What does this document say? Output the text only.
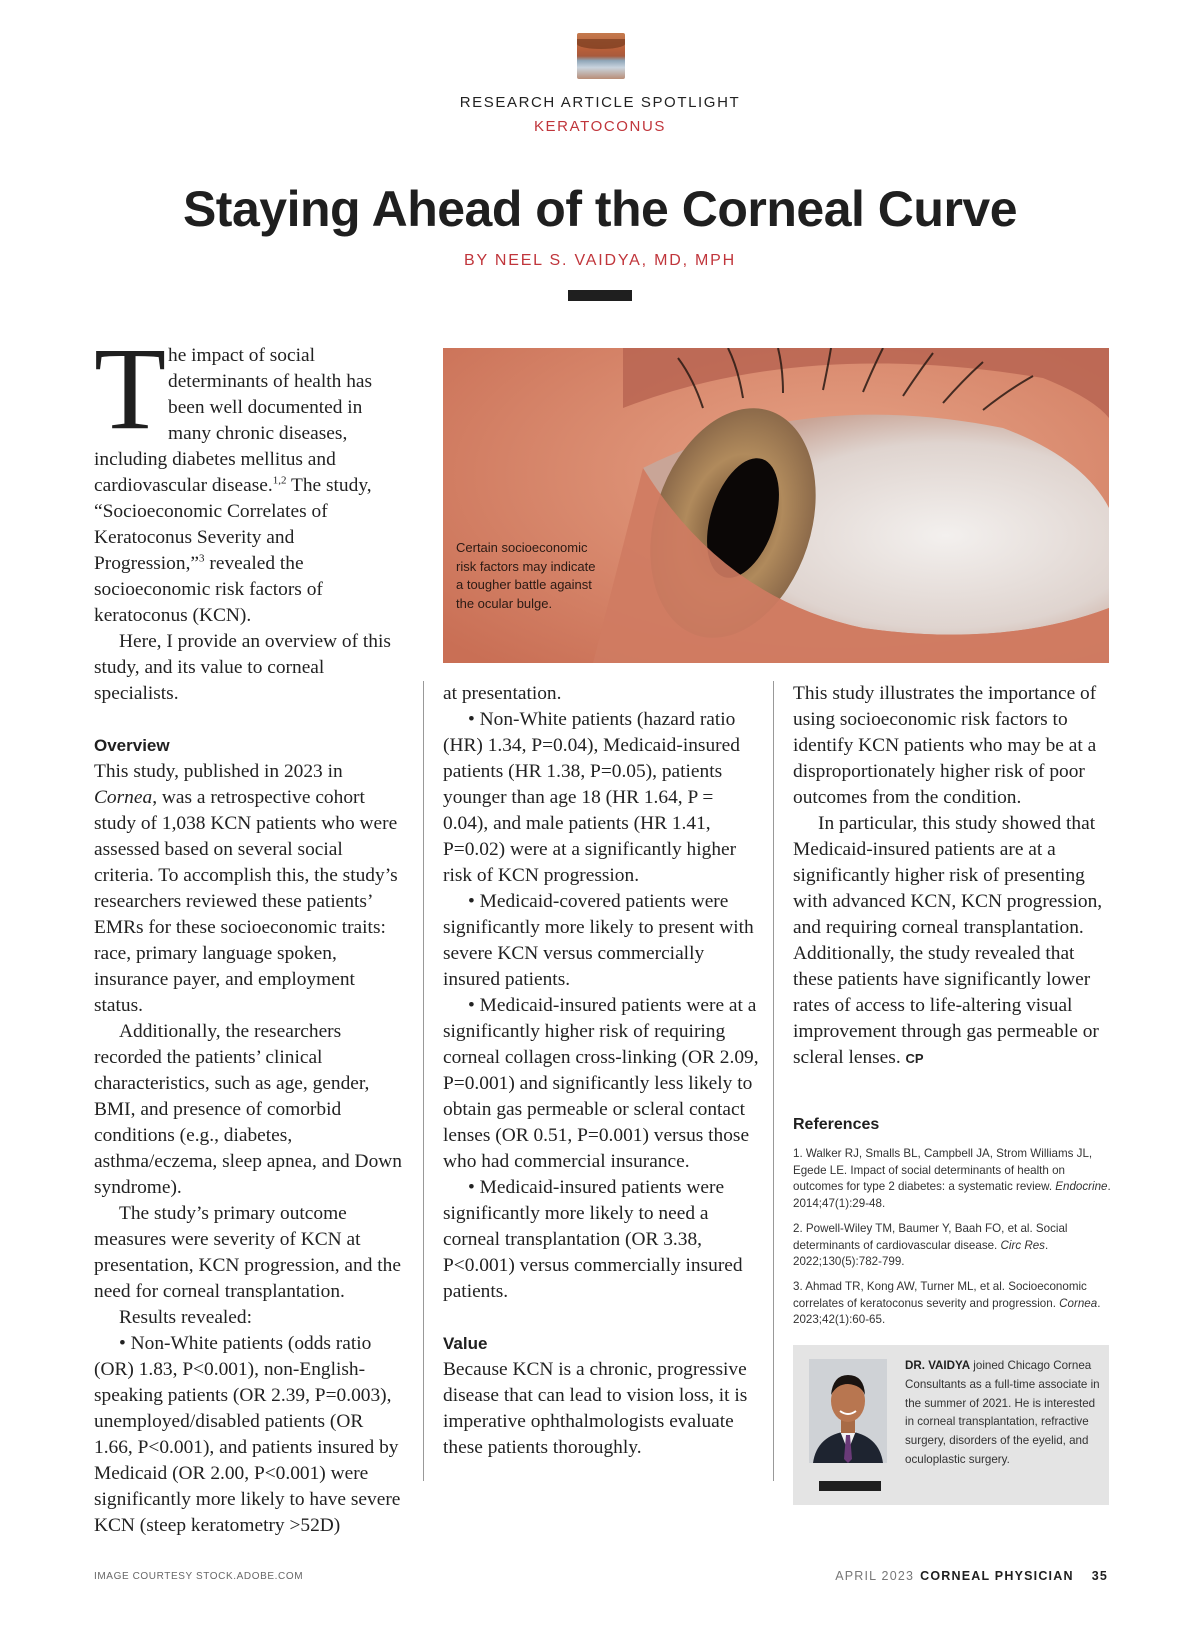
RESEARCH ARTICLE SPOTLIGHT
KERATOCONUS
Staying Ahead of the Corneal Curve
BY NEEL S. VAIDYA, MD, MPH

The impact of social determinants of health has been well documented in many chronic diseases, including diabetes mellitus and cardiovascular disease.$^{1,2}$ The study, “Socioeconomic Correlates of Keratoconus Severity and Progression,”$^3$ revealed the socioeconomic risk factors of keratoconus (KCN).

Here, I provide an overview of this study, and its value to corneal specialists.

Overview

This study, published in 2023 in Cornea, was a retrospective cohort study of 1,038 KCN patients who were assessed based on several social criteria. To accomplish this, the study’s researchers reviewed these patients’ EMRs for these socioeconomic traits: race, primary language spoken, insurance payer, and employment status.

Additionally, the researchers recorded the patients’ clinical characteristics, such as age, gender, BMI, and presence of comorbid conditions (e.g., diabetes, asthma/eczema, sleep apnea, and Down syndrome).

The study’s primary outcome measures were severity of KCN at presentation, KCN progression, and the need for corneal transplantation.

Results revealed:

• Non-White patients (odds ratio (OR) 1.83, P<0.001), non-English-speaking patients (OR 2.39, P=0.003), unemployed/disabled patients (OR 1.66, P<0.001), and patients insured by Medicaid (OR 2.00, P<0.001) were significantly more likely to have severe KCN (steep keratometry >52D)

Certain socioeconomic risk factors may indicate a tougher battle against the ocular bulge.

at presentation.

• Non-White patients (hazard ratio (HR) 1.34, P=0.04), Medicaid-insured patients (HR 1.38, P=0.05), patients younger than age 18 (HR 1.64, P = 0.04), and male patients (HR 1.41, P=0.02) were at a significantly higher risk of KCN progression.

• Medicaid-covered patients were significantly more likely to present with severe KCN versus commercially insured patients.

• Medicaid-insured patients were at a significantly higher risk of requiring corneal collagen cross-linking (OR 2.09, P=0.001) and significantly less likely to obtain gas permeable or scleral contact lenses (OR 0.51, P=0.001) versus those who had commercial insurance.

• Medicaid-insured patients were significantly more likely to need a corneal transplantation (OR 3.38, P<0.001) versus commercially insured patients.

Value

Because KCN is a chronic, progressive disease that can lead to vision loss, it is imperative ophthalmologists evaluate these patients thoroughly.

This study illustrates the importance of using socioeconomic risk factors to identify KCN patients who may be at a disproportionately higher risk of poor outcomes from the condition.

In particular, this study showed that Medicaid-insured patients are at a significantly higher risk of presenting with advanced KCN, KCN progression, and requiring corneal transplantation. Additionally, the study revealed that these patients have significantly lower rates of access to life-altering visual improvement through gas permeable or scleral lenses. CP

References
1. Walker RJ, Smalls BL, Campbell JA, Strom Williams JL, Egede LE. Impact of social determinants of health on outcomes for type 2 diabetes: a systematic review. Endocrine. 2014;47(1):29-48.
2. Powell-Wiley TM, Baumer Y, Baah FO, et al. Social determinants of cardiovascular disease. Circ Res. 2022;130(5):782-799.
3. Ahmad TR, Kong AW, Turner ML, et al. Socioeconomic correlates of keratoconus severity and progression. Cornea. 2023;42(1):60-65.
DR. VAIDYA joined Chicago Cornea Consultants as a full-time associate in the summer of 2021. He is interested in corneal transplantation, refractive surgery, disorders of the eyelid, and oculoplastic surgery.
IMAGE COURTESY STOCK.ADOBE.COM	APRIL 2023 CORNEAL PHYSICIAN 35
